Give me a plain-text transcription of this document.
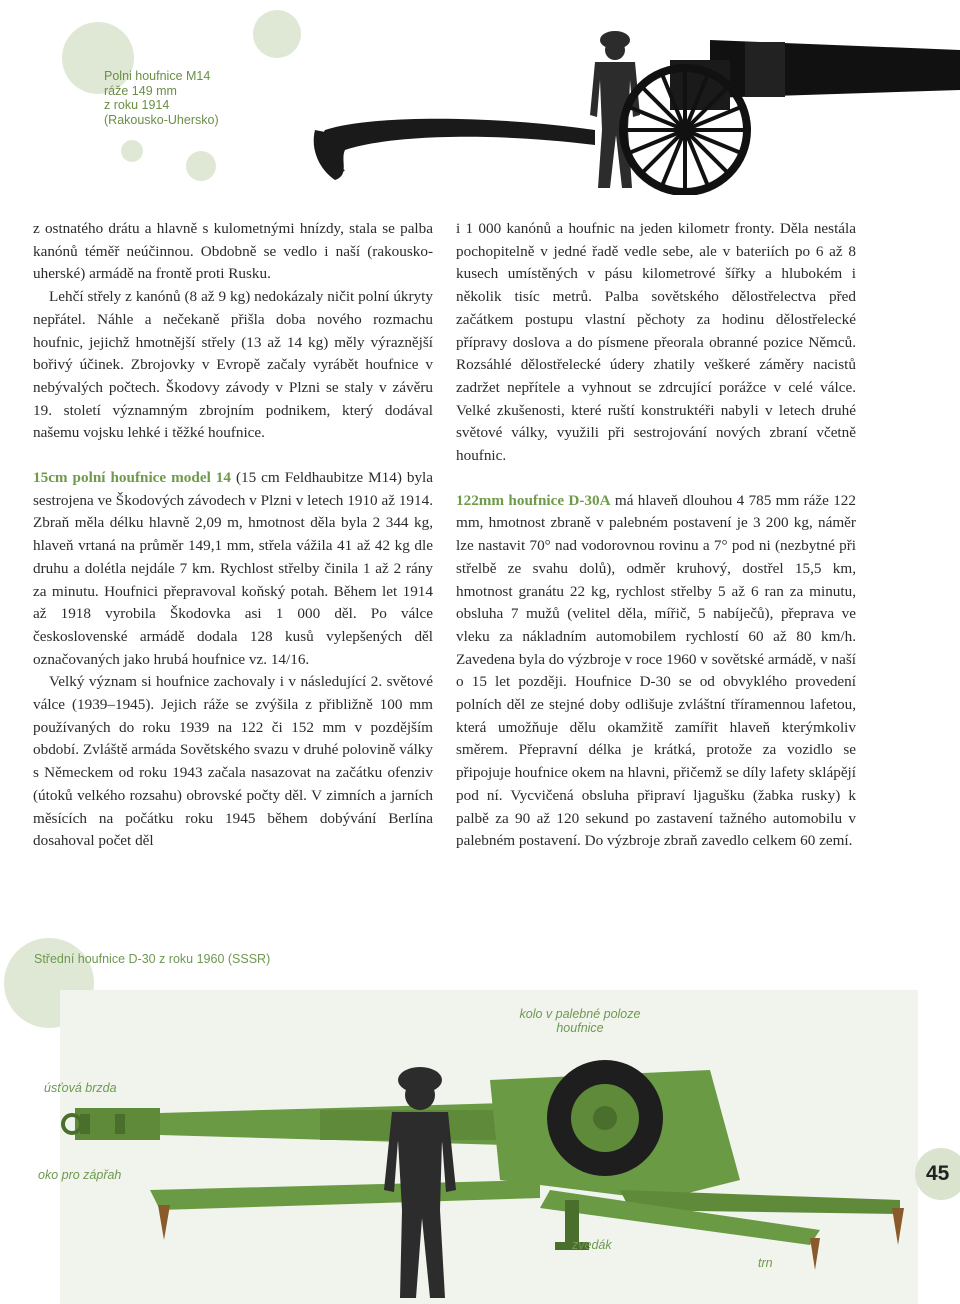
Polni houfnice M14
ráže 149 mm
z roku 1914
(Rakousko-Uhersko)

z ostnatého drátu a hlavně s kulometnými hnízdy, stala se palba kanónů téměř neúčinnou. Obdobně se vedlo i naší (rakousko-uherské) armádě na frontě proti Rusku.

Lehčí střely z kanónů (8 až 9 kg) nedokázaly ničit polní úkryty nepřátel. Náhle a nečekaně přišla doba nového rozmachu houfnic, jejichž hmotnější střely (13 až 14 kg) měly výraznější bořivý účinek. Zbrojovky v Evropě začaly vyrábět houfnice v nebývalých počtech. Škodovy závody v Plzni se staly v závěru 19. století významným zbrojním podnikem, který dodával našemu vojsku lehké i těžké houfnice.

15cm polní houfnice model 14 (15 cm Feldhaubitze M14) byla sestrojena ve Škodových závodech v Plzni v letech 1910 až 1914. Zbraň měla délku hlavně 2,09 m, hmotnost děla byla 2 344 kg, hlaveň vrtaná na průměr 149,1 mm, střela vážila 41 až 42 kg dle druhu a dolétla nejdále 7 km. Rychlost střelby činila 1 až 2 rány za minutu. Houfnici přepravoval koňský potah. Během let 1914 až 1918 vyrobila Škodovka asi 1 000 děl. Po válce československé armádě dodala 128 kusů vylepšených děl označovaných jako hrubá houfnice vz. 14/16.

Velký význam si houfnice zachovaly i v následující 2. světové válce (1939–1945). Jejich ráže se zvýšila z přibližně 100 mm používaných do roku 1939 na 122 či 152 mm v pozdějším období. Zvláště armáda Sovětského svazu v druhé polovině války s Německem od roku 1943 začala nasazovat na začátku ofenziv (útoků velkého rozsahu) obrovské počty děl. V zimních a jarních měsících na počátku roku 1945 během dobývání Berlína dosahoval počet děl

i 1 000 kanónů a houfnic na jeden kilometr fronty. Děla nestála pochopitelně v jedné řadě vedle sebe, ale v bateriích po 6 až 8 kusech umístěných v pásu kilometrové šířky a hlubokém i několik tisíc metrů. Palba sovětského dělostřelectva před začátkem postupu vlastní pěchoty za hodinu dělostřelecké přípravy doslova a do písmene přeorala obranné pozice Němců. Rozsáhlé dělostřelecké údery zhatily veškeré záměry nacistů zadržet nepřítele a vyhnout se zdrcující porážce v celé válce. Velké zkušenosti, které ruští konstruktéři nabyli v letech druhé světové války, využili při sestrojování nových zbraní včetně houfnic.

122mm houfnice D-30A má hlaveň dlouhou 4 785 mm ráže 122 mm, hmotnost zbraně v palebném postavení je 3 200 kg, náměr lze nastavit 70° nad vodorovnou rovinu a 7° pod ni (nezbytné při střelbě ze svahu dolů), odměr kruhový, dostřel 15,5 km, hmotnost granátu 22 kg, rychlost střelby 5 až 6 ran za minutu, obsluha 7 mužů (velitel děla, mířič, 5 nabíječů), přeprava ve vleku za nákladním automobilem rychlostí 60 až 80 km/h. Zavedena byla do výzbroje v roce 1960 v sovětské armádě, v naší o 15 let později. Houfnice D-30 se od obvyklého provedení polních děl ze stejné doby odlišuje zvláštní tříramennou lafetou, která umožňuje dělu okamžitě zamířit hlaveň kterýmkoliv směrem. Přepravní délka je krátká, protože za vozidlo se připojuje houfnice okem na hlavni, přičemž se díly lafety sklápějí pod ní. Vycvičená obsluha připraví ljagušku (žabka rusky) k palbě za 90 až 120 sekund po zastavení tažného automobilu v palebném postavení. Do výzbroje zbraň zavedlo celkem 60 zemí.

Střední houfnice D-30 z roku 1960 (SSSR)
kolo v palebné poloze houfnice
úsťová brzda
oko pro zápřah
zvedák
trn
45
